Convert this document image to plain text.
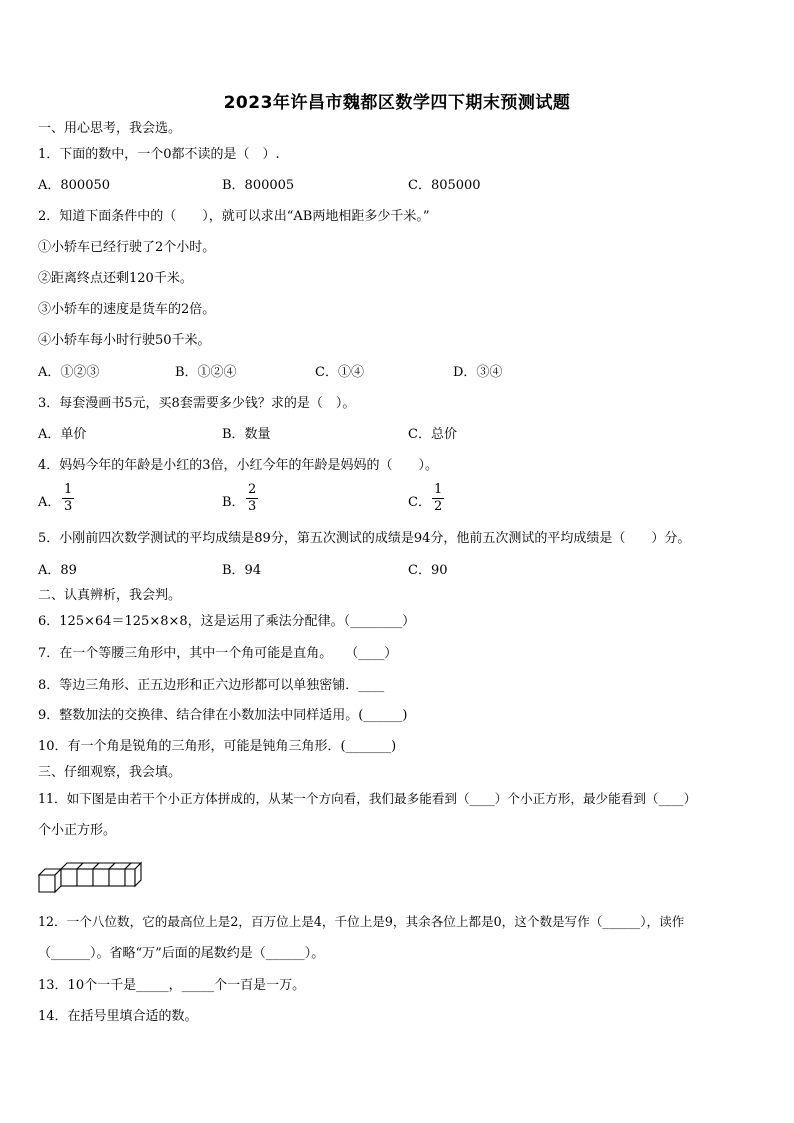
2023年许昌市魏都区数学四下期末预测试题
一、用心思考，我会选。
1．下面的数中，一个0都不读的是（　）.
A．800050	B．800005	C．805000
2．知道下面条件中的（　　），就可以求出“AB两地相距多少千米。”
①小轿车已经行驶了2个小时。
②距离终点还剩120千米。
③小轿车的速度是货车的2倍。
④小轿车每小时行驶50千米。
A．①②③	B．①②④	C．①④	D．③④
3．每套漫画书5元，买8套需要多少钱？求的是（　）。
A．单价	B．数量	C．总价
4．妈妈今年的年龄是小红的3倍，小红今年的年龄是妈妈的（　　）。
A．
1
3	B．
2
3	C．
1
2
5．小刚前四次数学测试的平均成绩是89分，第五次测试的成绩是94分，他前五次测试的平均成绩是（　　）分。
A．89	B．94	C．90
二、认真辨析，我会判。
6．125×64＝125×8×8，这是运用了乘法分配律。（________）
7．在一个等腰三角形中，其中一个角可能是直角。　　（____）
8．等边三角形、正五边形和正六边形都可以单独密铺．____
9．整数加法的交换律、结合律在小数加法中同样适用。(______)
10．有一个角是锐角的三角形，可能是钝角三角形．(_______)
三、仔细观察，我会填。
11．如下图是由若干个小正方体拼成的，从某一个方向看，我们最多能看到（____）个小正方形，最少能看到（____）
个小正方形。
12．一个八位数，它的最高位上是2，百万位上是4，千位上是9，其余各位上都是0，这个数是写作（______），读作
（______）。省略“万”后面的尾数约是（______）。
13．10个一千是_____，_____个一百是一万。
14．在括号里填合适的数。
